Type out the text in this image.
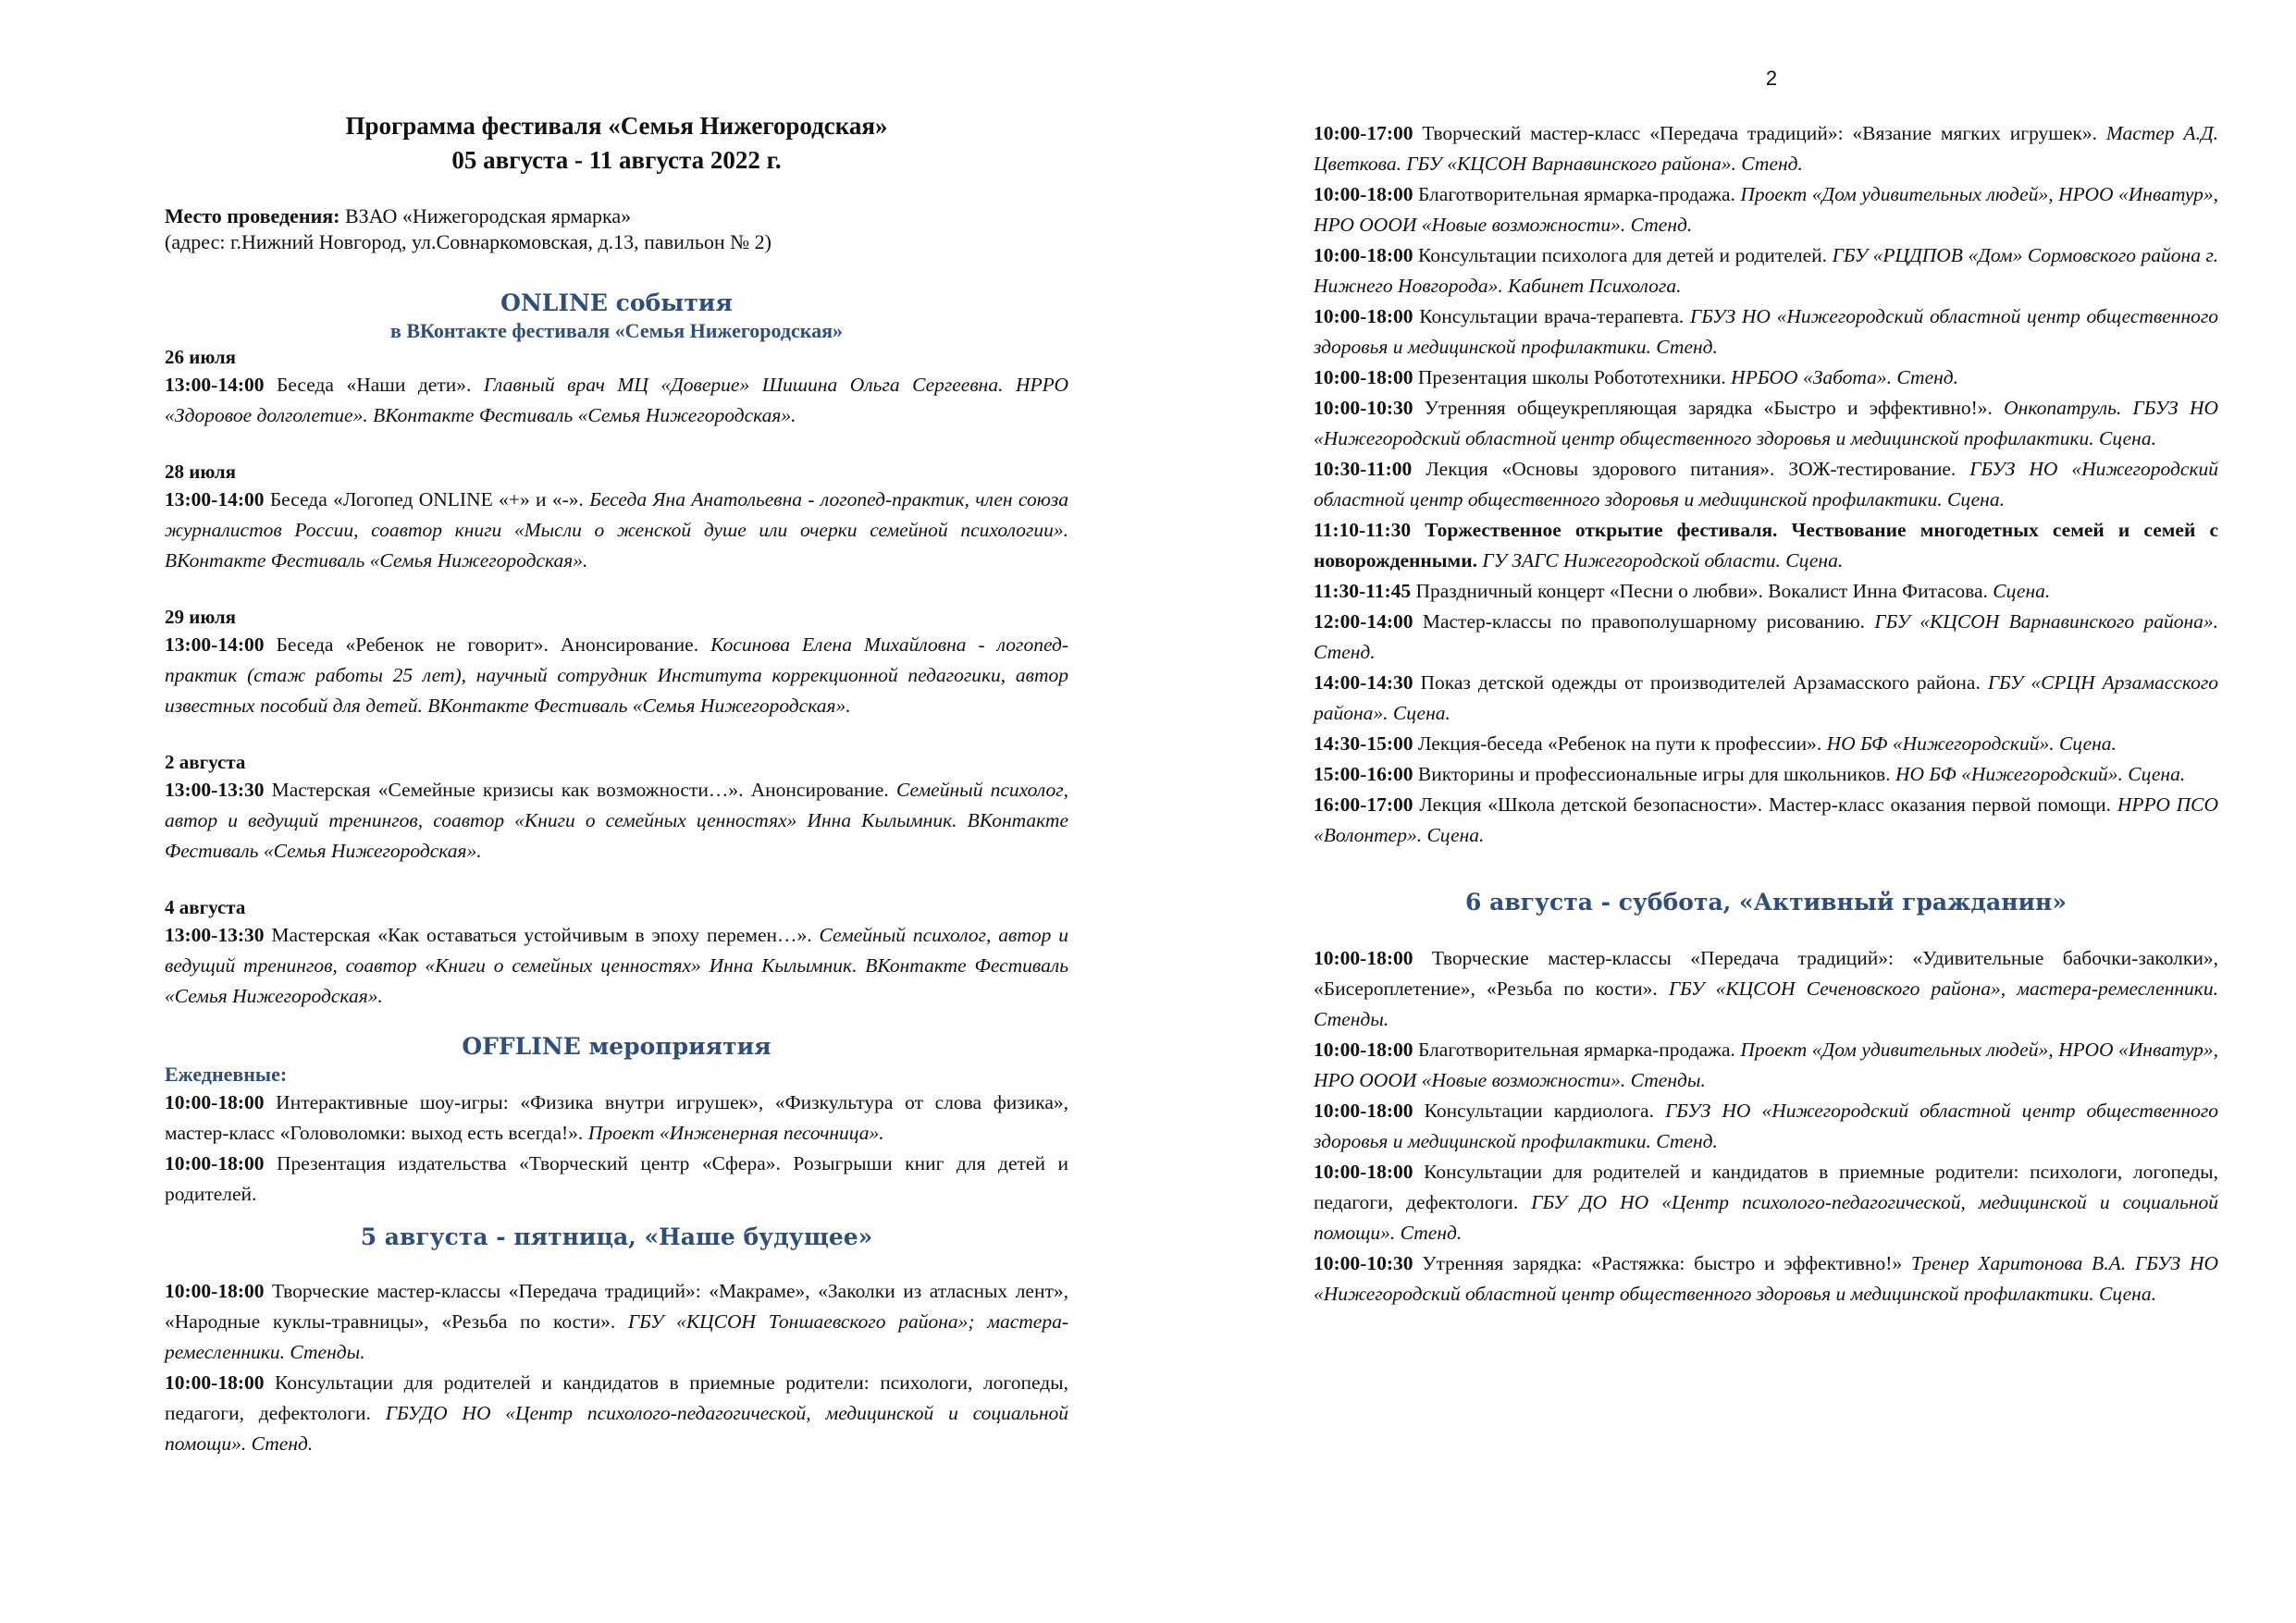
2

Программа фестиваля «Семья Нижегородская»

05 августа - 11 августа 2022 г.

Место проведения: ВЗАО «Нижегородская ярмарка»
(адрес: г.Нижний Новгород, ул.Совнаркомовская, д.13, павильон № 2)

ONLINE события

в ВКонтакте фестиваля «Семья Нижегородская»

26 июля

13:00-14:00 Беседа «Наши дети». Главный врач МЦ «Доверие» Шишина Ольга Сергеевна. НРРО «Здоровое долголетие». ВКонтакте Фестиваль «Семья Нижегородская».

28 июля

13:00-14:00 Беседа «Логопед ONLINE «+» и «-». Беседа Яна Анатольевна - логопед-практик, член союза журналистов России, соавтор книги «Мысли о женской душе или очерки семейной психологии». ВКонтакте Фестиваль «Семья Нижегородская».

29 июля

13:00-14:00 Беседа «Ребенок не говорит». Анонсирование. Косинова Елена Михайловна - логопед-практик (стаж работы 25 лет), научный сотрудник Института коррекционной педагогики, автор известных пособий для детей. ВКонтакте Фестиваль «Семья Нижегородская».

2 августа

13:00-13:30 Мастерская «Семейные кризисы как возможности…». Анонсирование. Семейный психолог, автор и ведущий тренингов, соавтор «Книги о семейных ценностях» Инна Кылымник. ВКонтакте Фестиваль «Семья Нижегородская».

4 августа

13:00-13:30 Мастерская «Как оставаться устойчивым в эпоху перемен…». Семейный психолог, автор и ведущий тренингов, соавтор «Книги о семейных ценностях» Инна Кылымник. ВКонтакте Фестиваль «Семья Нижегородская».

OFFLINE мероприятия

Ежедневные:

10:00-18:00 Интерактивные шоу-игры: «Физика внутри игрушек», «Физкультура от слова физика», мастер-класс «Головоломки: выход есть всегда!». Проект «Инженерная песочница».

10:00-18:00 Презентация издательства «Творческий центр «Сфера». Розыгрыши книг для детей и родителей.

5 августа - пятница, «Наше будущее»

10:00-18:00 Творческие мастер-классы «Передача традиций»: «Макраме», «Заколки из атласных лент», «Народные куклы-травницы», «Резьба по кости». ГБУ «КЦСОН Тоншаевского района»; мастера-ремесленники. Стенды.

10:00-18:00 Консультации для родителей и кандидатов в приемные родители: психологи, логопеды, педагоги, дефектологи. ГБУДО НО «Центр психолого-педагогической, медицинской и социальной помощи». Стенд.

10:00-17:00 Творческий мастер-класс «Передача традиций»: «Вязание мягких игрушек». Мастер А.Д. Цветкова. ГБУ «КЦСОН Варнавинского района». Стенд.

10:00-18:00 Благотворительная ярмарка-продажа. Проект «Дом удивительных людей», НРОО «Инватур», НРО ОООИ «Новые возможности». Стенд.

10:00-18:00 Консультации психолога для детей и родителей. ГБУ «РЦДПОВ «Дом» Сормовского района г. Нижнего Новгорода». Кабинет Психолога.

10:00-18:00 Консультации врача-терапевта. ГБУЗ НО «Нижегородский областной центр общественного здоровья и медицинской профилактики. Стенд.

10:00-18:00 Презентация школы Робототехники. НРБОО «Забота». Стенд.

10:00-10:30 Утренняя общеукрепляющая зарядка «Быстро и эффективно!». Онкопатруль. ГБУЗ НО «Нижегородский областной центр общественного здоровья и медицинской профилактики. Сцена.

10:30-11:00 Лекция «Основы здорового питания». ЗОЖ-тестирование. ГБУЗ НО «Нижегородский областной центр общественного здоровья и медицинской профилактики. Сцена.

11:10-11:30 Торжественное открытие фестиваля. Чествование многодетных семей и семей с новорожденными. ГУ ЗАГС Нижегородской области. Сцена.

11:30-11:45 Праздничный концерт «Песни о любви». Вокалист Инна Фитасова. Сцена.

12:00-14:00 Мастер-классы по правополушарному рисованию. ГБУ «КЦСОН Варнавинского района». Стенд.

14:00-14:30 Показ детской одежды от производителей Арзамасского района. ГБУ «СРЦН Арзамасского района». Сцена.

14:30-15:00 Лекция-беседа «Ребенок на пути к профессии». НО БФ «Нижегородский». Сцена.

15:00-16:00 Викторины и профессиональные игры для школьников. НО БФ «Нижегородский». Сцена.

16:00-17:00 Лекция «Школа детской безопасности». Мастер-класс оказания первой помощи. НРРО ПСО «Волонтер». Сцена.

6 августа - суббота, «Активный гражданин»

10:00-18:00 Творческие мастер-классы «Передача традиций»: «Удивительные бабочки-заколки», «Бисероплетение», «Резьба по кости». ГБУ «КЦСОН Сеченовского района», мастера-ремесленники. Стенды.

10:00-18:00 Благотворительная ярмарка-продажа. Проект «Дом удивительных людей», НРОО «Инватур», НРО ОООИ «Новые возможности». Стенды.

10:00-18:00 Консультации кардиолога. ГБУЗ НО «Нижегородский областной центр общественного здоровья и медицинской профилактики. Стенд.

10:00-18:00 Консультации для родителей и кандидатов в приемные родители: психологи, логопеды, педагоги, дефектологи. ГБУ ДО НО «Центр психолого-педагогической, медицинской и социальной помощи». Стенд.

10:00-10:30 Утренняя зарядка: «Растяжка: быстро и эффективно!» Тренер Харитонова В.А. ГБУЗ НО «Нижегородский областной центр общественного здоровья и медицинской профилактики. Сцена.
